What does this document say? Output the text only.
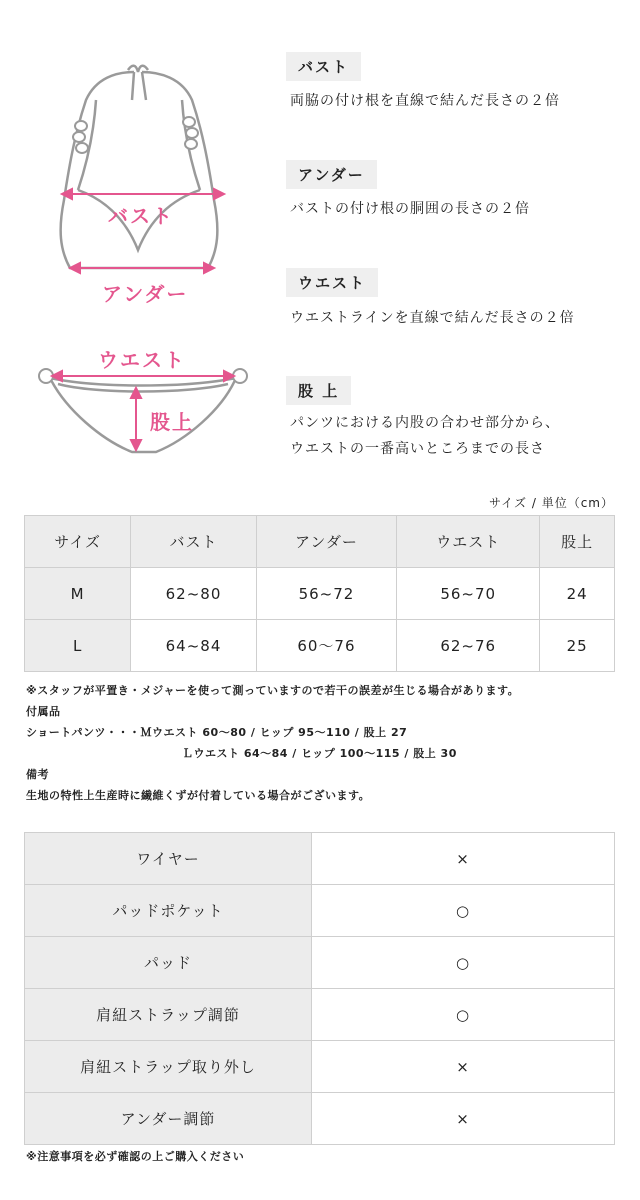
バスト
アンダー
ウエスト
股上
バスト
両脇の付け根を直線で結んだ長さの２倍
アンダー
バストの付け根の胴囲の長さの２倍
ウエスト
ウエストラインを直線で結んだ長さの２倍
股 上
パンツにおける内股の合わせ部分から、
ウエストの一番高いところまでの長さ
サイズ / 単位（cm）
サイズ	バスト	アンダー	ウエスト	股上
M	62~80	56~72	56~70	24
L	64~84	60〜76	62~76	25
※スタッフが平置き・メジャーを使って測っていますので若干の誤差が生じる場合があります。
付属品
ショートパンツ・・・Ｍウエスト 60〜80 / ヒップ 95〜110 / 股上 27
Ｌウエスト 64〜84 / ヒップ 100〜115 / 股上 30
備考
生地の特性上生産時に繊維くずが付着している場合がございます。
ワイヤー	×
パッドポケット	○
パッド	○
肩紐ストラップ調節	○
肩紐ストラップ取り外し	×
アンダー調節	×
※注意事項を必ず確認の上ご購入ください
